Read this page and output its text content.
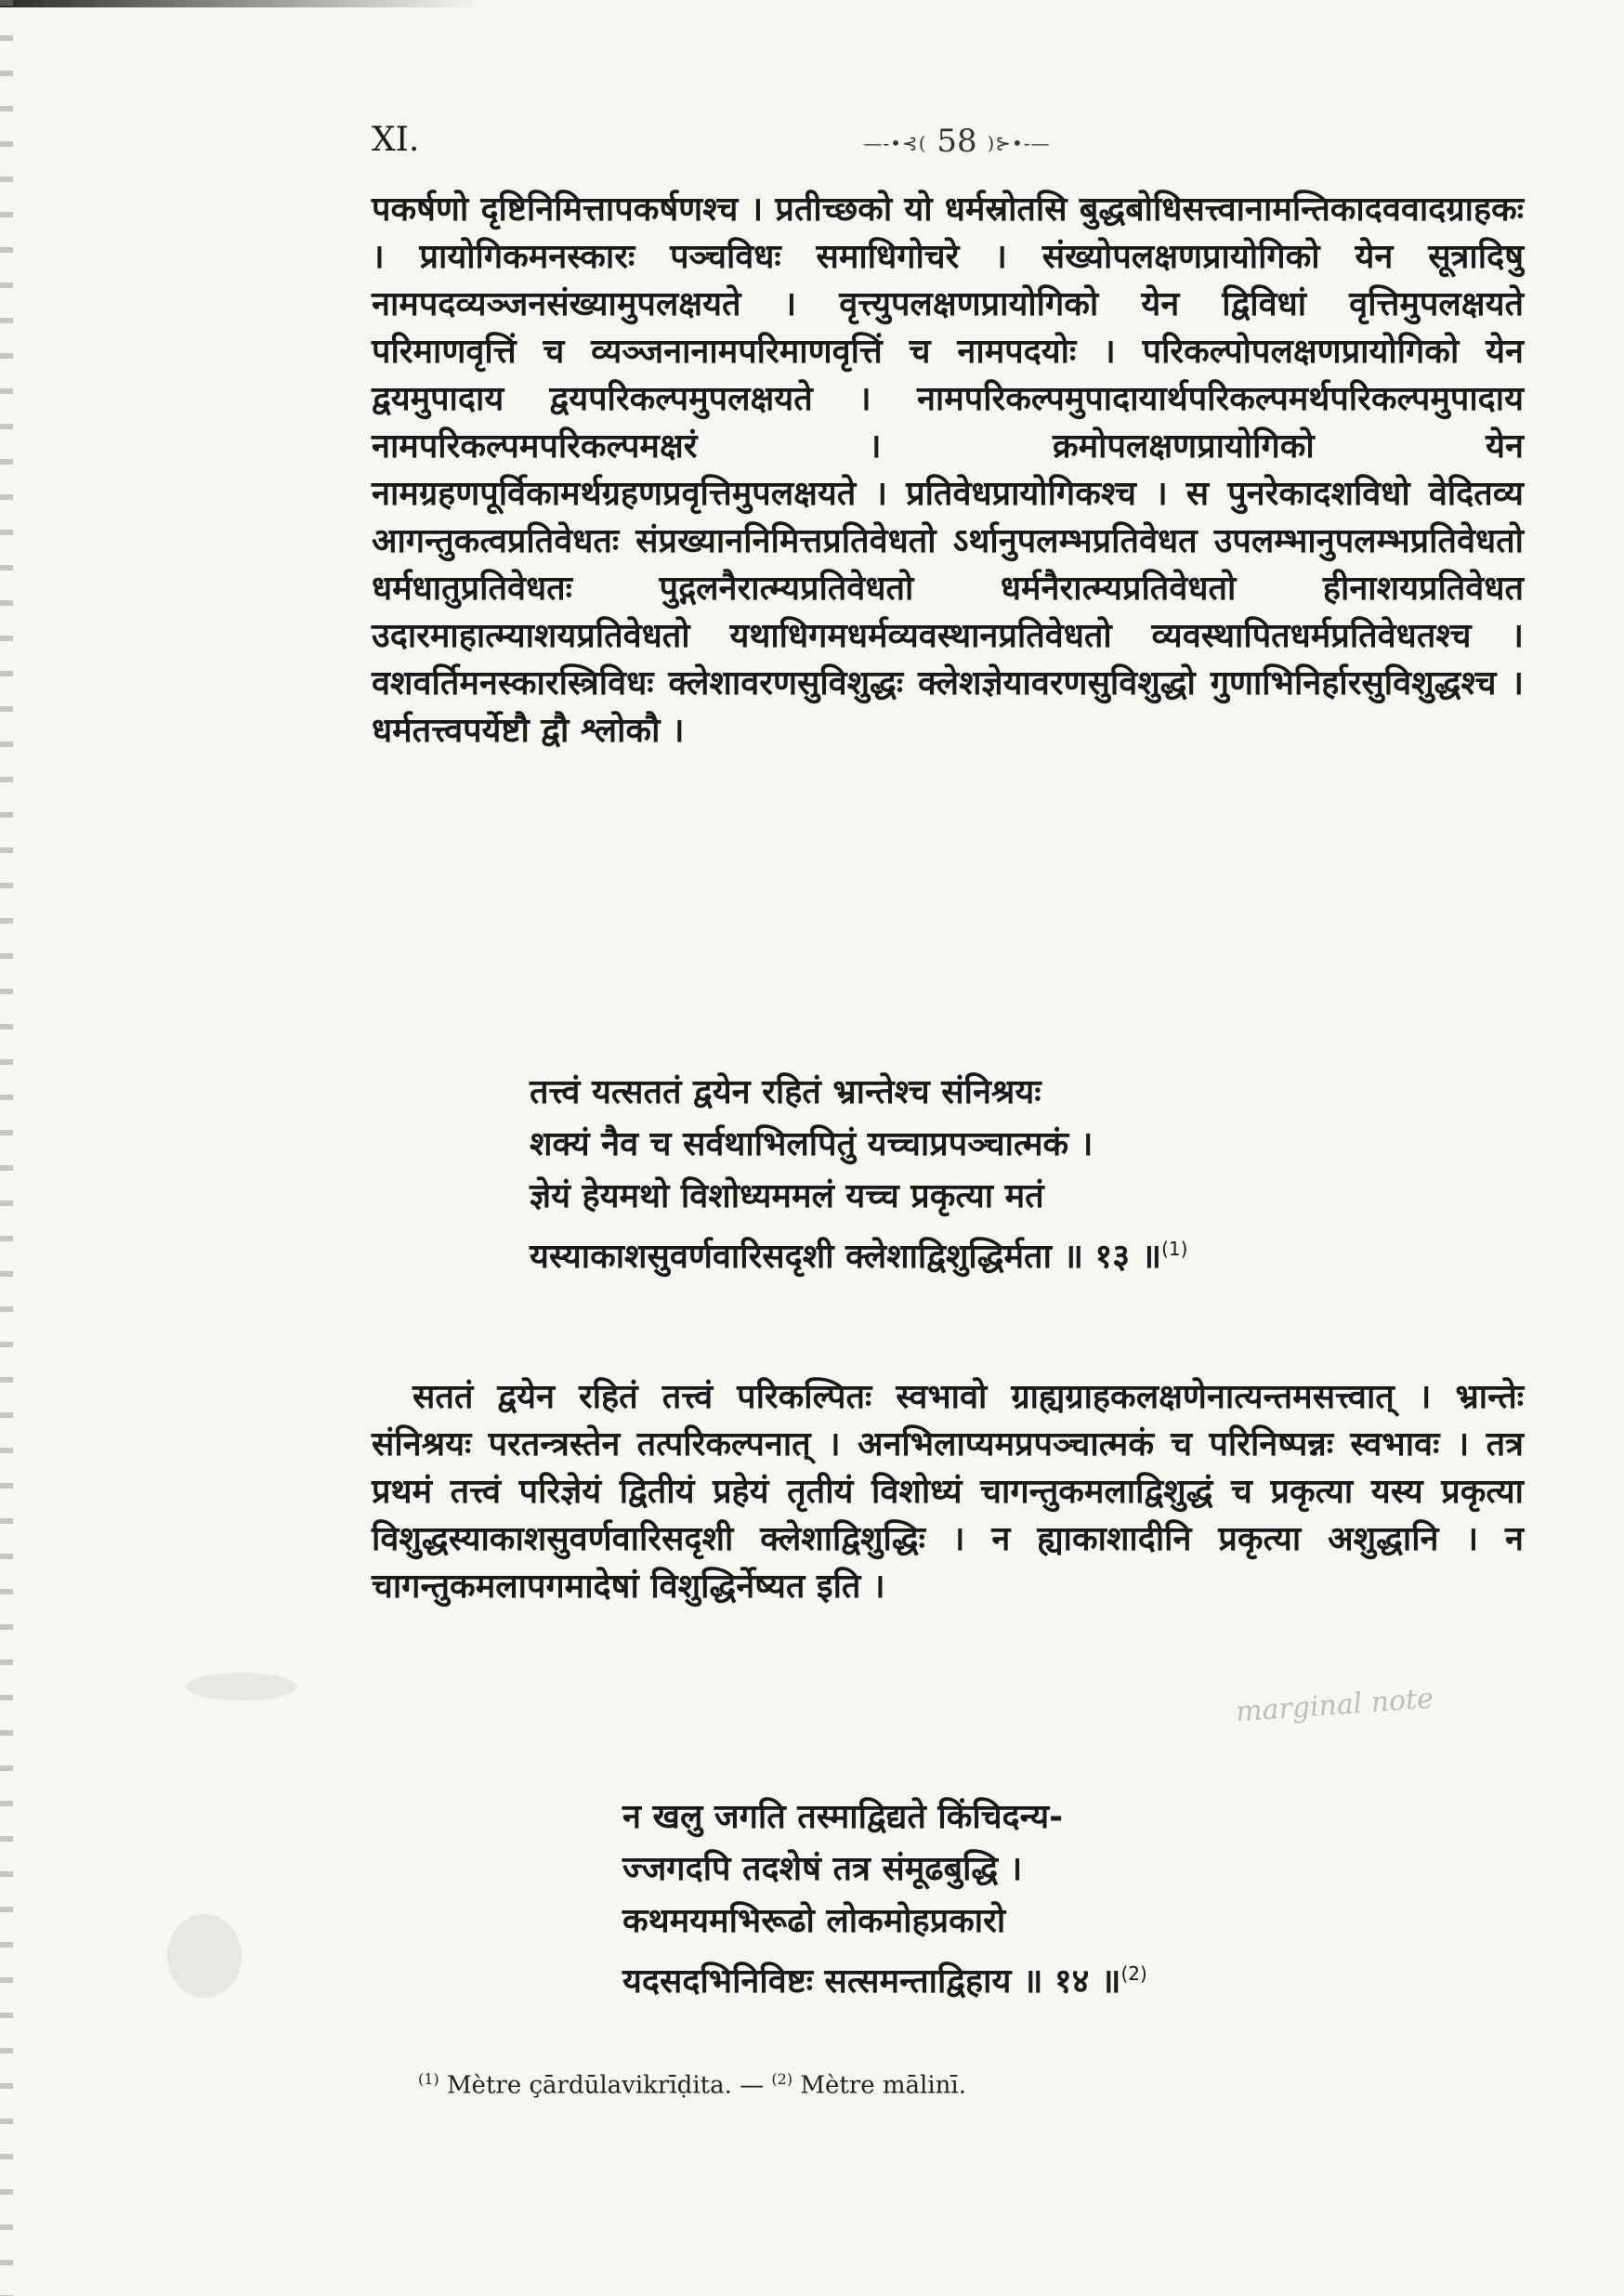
XI.	—-•⊰( 58 )⊱•-—

पकर्षणो दृष्टिनिमित्तापकर्षणश्च । प्रतीच्छको यो धर्मस्रोतसि बुद्धबोधिसत्त्वानामन्तिकादववादग्राहकः । प्रायोगिकमनस्कारः पञ्चविधः समाधिगोचरे । संख्योपलक्षणप्रायोगिको येन सूत्रादिषु नामपदव्यञ्जनसंख्यामुपलक्षयते । वृत्त्युपलक्षणप्रायोगिको येन द्विविधां वृत्तिमुपलक्षयते परिमाणवृत्तिं च व्यञ्जनानामपरिमाणवृत्तिं च नामपदयोः । परिकल्पोपलक्षणप्रायोगिको येन द्वयमुपादाय द्वयपरिकल्पमुपलक्षयते । नामपरिकल्पमुपादायार्थपरिकल्पमर्थपरिकल्पमुपादाय नामपरिकल्पमपरिकल्पमक्षरं । क्रमोपलक्षणप्रायोगिको येन नामग्रहणपूर्विकामर्थग्रहणप्रवृत्तिमुपलक्षयते । प्रतिवेधप्रायोगिकश्च । स पुनरेकादशविधो वेदितव्य आगन्तुकत्वप्रतिवेधतः संप्रख्याननिमित्तप्रतिवेधतो ऽर्थानुपलम्भप्रतिवेधत उपलम्भानुपलम्भप्रतिवेधतो धर्मधातुप्रतिवेधतः पुद्गलनैरात्म्यप्रतिवेधतो धर्मनैरात्म्यप्रतिवेधतो हीनाशयप्रतिवेधत उदारमाहात्म्याशयप्रतिवेधतो यथाधिगमधर्मव्यवस्थानप्रतिवेधतो व्यवस्थापितधर्मप्रतिवेधतश्च । वशवर्तिमनस्कारस्त्रिविधः क्लेशावरणसुविशुद्धः क्लेशज्ञेयावरणसुविशुद्धो गुणाभिनिर्हारसुविशुद्धश्च । धर्मतत्त्वपर्येष्टौ द्वौ श्लोकौ ।

तत्त्वं यत्सततं द्वयेन रहितं भ्रान्तेश्च संनिश्रयः
शक्यं नैव च सर्वथाभिलपितुं यच्चाप्रपञ्चात्मकं ।
ज्ञेयं हेयमथो विशोध्यममलं यच्च प्रकृत्या मतं
यस्याकाशसुवर्णवारिसदृशी क्लेशाद्विशुद्धिर्मता ॥ १३ ॥$^{(1)}$

सततं द्वयेन रहितं तत्त्वं परिकल्पितः स्वभावो ग्राह्यग्राहकलक्षणेनात्यन्तमसत्त्वात् । भ्रान्तेः संनिश्रयः परतन्त्रस्तेन तत्परिकल्पनात् । अनभिलाप्यमप्रपञ्चात्मकं च परिनिष्पन्नः स्वभावः । तत्र प्रथमं तत्त्वं परिज्ञेयं द्वितीयं प्रहेयं तृतीयं विशोध्यं चागन्तुकमलाद्विशुद्धं च प्रकृत्या यस्य प्रकृत्या विशुद्धस्याकाशसुवर्णवारिसदृशी क्लेशाद्विशुद्धिः । न ह्याकाशादीनि प्रकृत्या अशुद्धानि । न चागन्तुकमलापगमादेषां विशुद्धिर्नेष्यत इति ।

marginal note
न खलु जगति तस्माद्विद्यते किंचिदन्य-
ज्जगदपि तदशेषं तत्र संमूढबुद्धि ।
कथमयमभिरूढो लोकमोहप्रकारो
यदसदभिनिविष्टः सत्समन्ताद्विहाय ॥ १४ ॥$^{(2)}$
$^{(1)}$ Mètre çārdūlavikrīḍita. — $^{(2)}$ Mètre mālinī.
